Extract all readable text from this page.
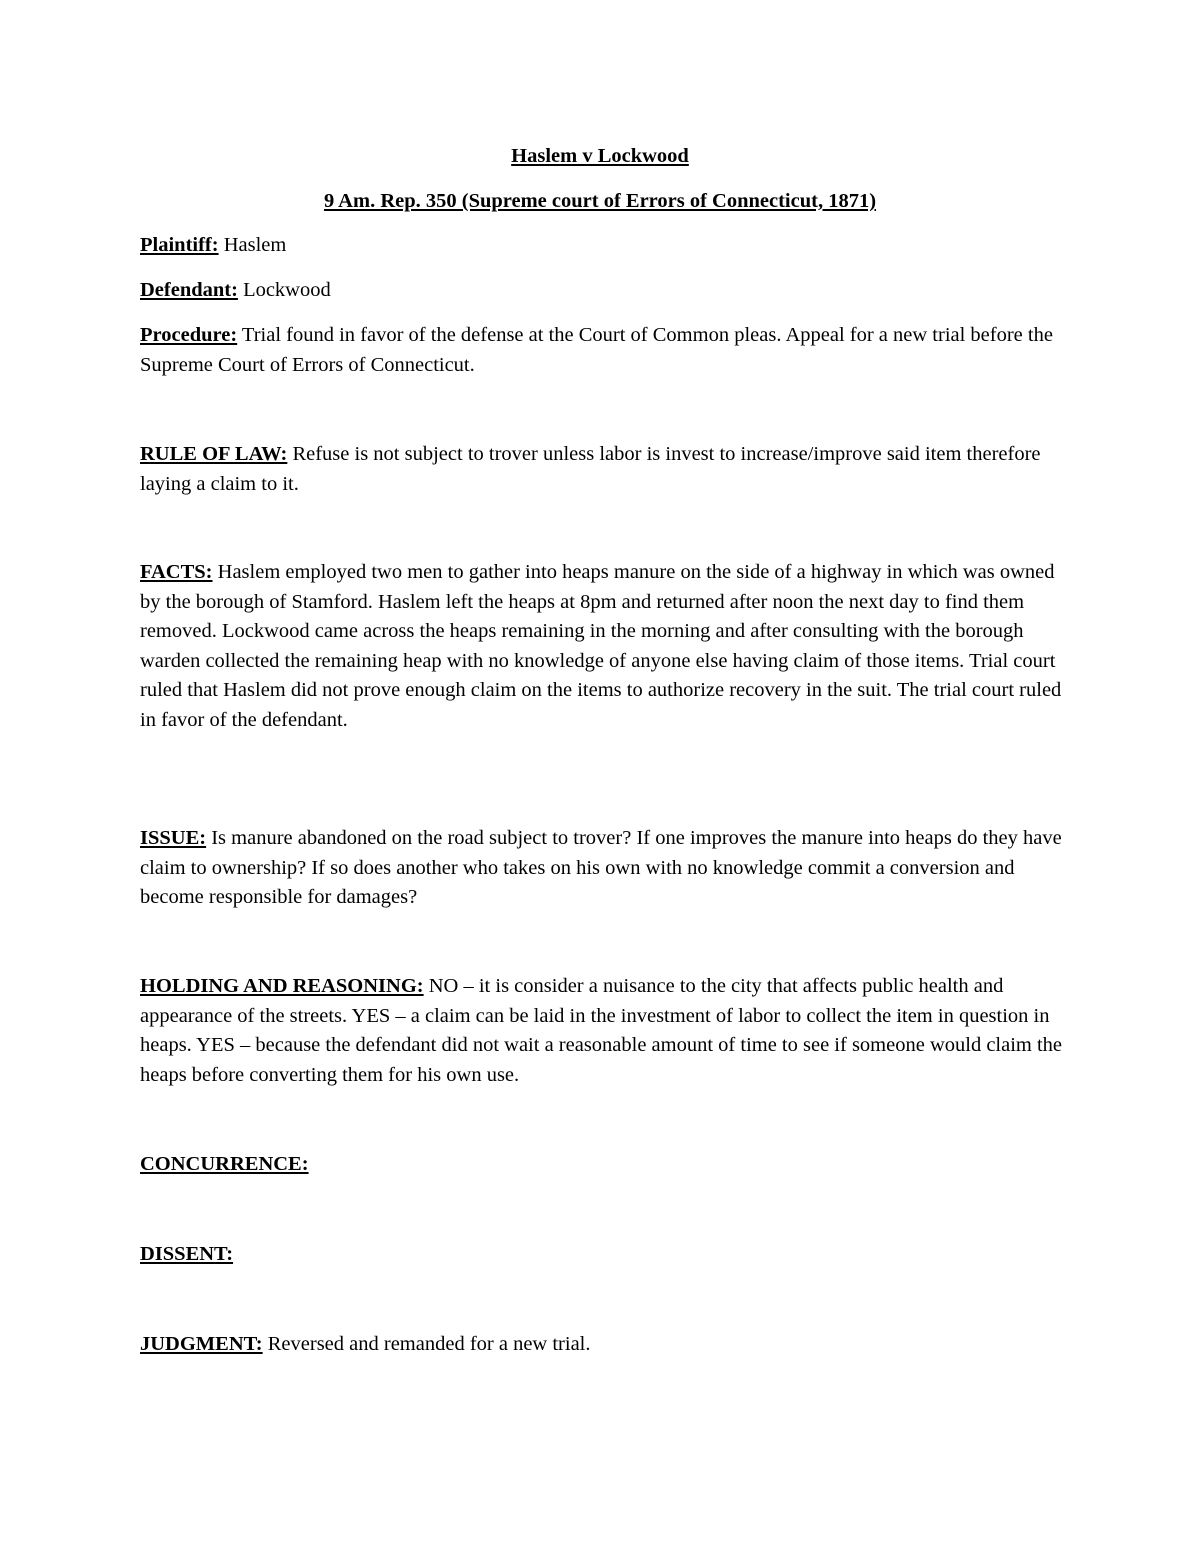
Haslem v Lockwood
9 Am. Rep. 350 (Supreme court of Errors of Connecticut, 1871)
Plaintiff: Haslem
Defendant: Lockwood
Procedure: Trial found in favor of the defense at the Court of Common pleas. Appeal for a new trial before the Supreme Court of Errors of Connecticut.
RULE OF LAW: Refuse is not subject to trover unless labor is invest to increase/improve said item therefore laying a claim to it.
FACTS: Haslem employed two men to gather into heaps manure on the side of a highway in which was owned by the borough of Stamford. Haslem left the heaps at 8pm and returned after noon the next day to find them removed. Lockwood came across the heaps remaining in the morning and after consulting with the borough warden collected the remaining heap with no knowledge of anyone else having claim of those items. Trial court ruled that Haslem did not prove enough claim on the items to authorize recovery in the suit. The trial court ruled in favor of the defendant.
ISSUE: Is manure abandoned on the road subject to trover? If one improves the manure into heaps do they have claim to ownership? If so does another who takes on his own with no knowledge commit a conversion and become responsible for damages?
HOLDING AND REASONING: NO – it is consider a nuisance to the city that affects public health and appearance of the streets. YES – a claim can be laid in the investment of labor to collect the item in question in heaps. YES – because the defendant did not wait a reasonable amount of time to see if someone would claim the heaps before converting them for his own use.
CONCURRENCE:
DISSENT:
JUDGMENT: Reversed and remanded for a new trial.
